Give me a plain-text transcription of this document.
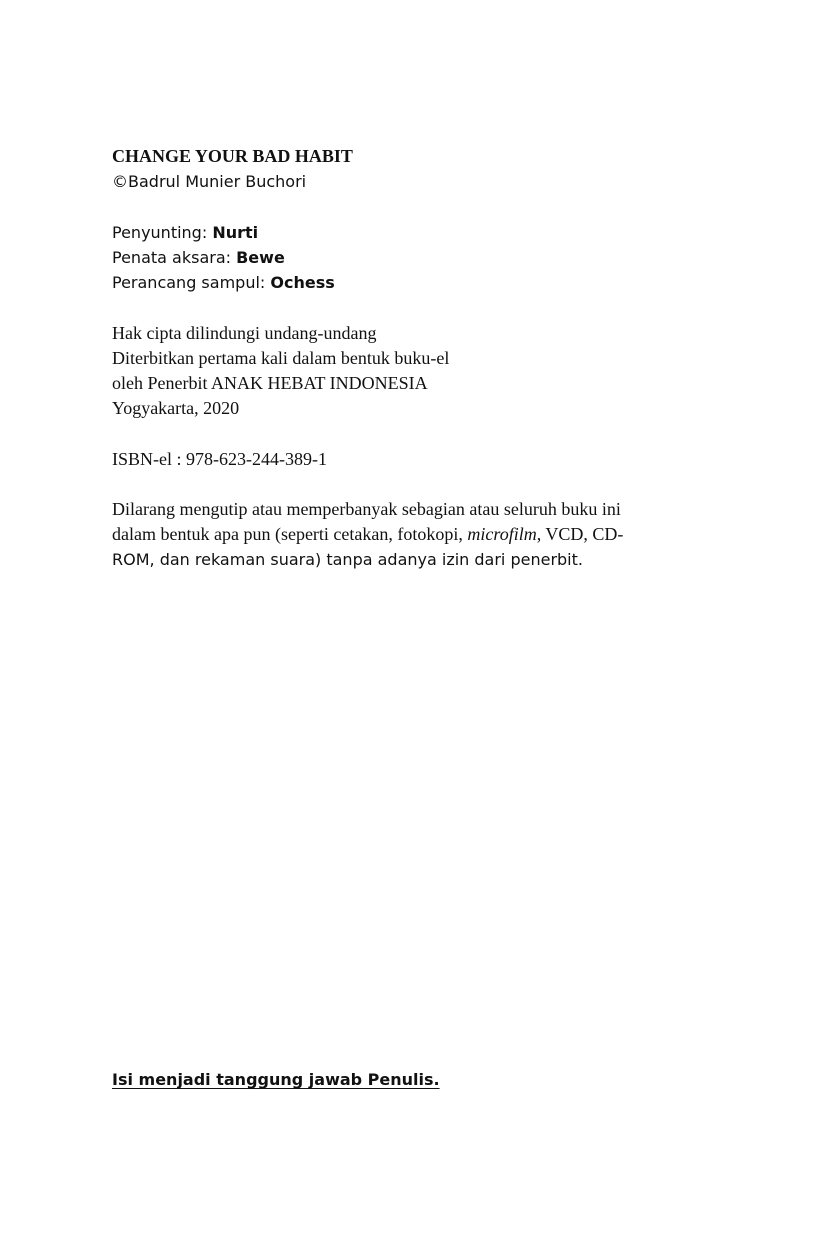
CHANGE YOUR BAD HABIT
©Badrul Munier Buchori
Penyunting: Nurti
Penata aksara: Bewe
Perancang sampul: Ochess
Hak cipta dilindungi undang-undang
Diterbitkan pertama kali dalam bentuk buku-el
oleh Penerbit ANAK HEBAT INDONESIA
Yogyakarta, 2020
ISBN-el : 978-623-244-389-1
Dilarang mengutip atau memperbanyak sebagian atau seluruh buku ini
dalam bentuk apa pun (seperti cetakan, fotokopi, microfilm, VCD, CD-
ROM, dan rekaman suara) tanpa adanya izin dari penerbit.
Isi menjadi tanggung jawab Penulis.
